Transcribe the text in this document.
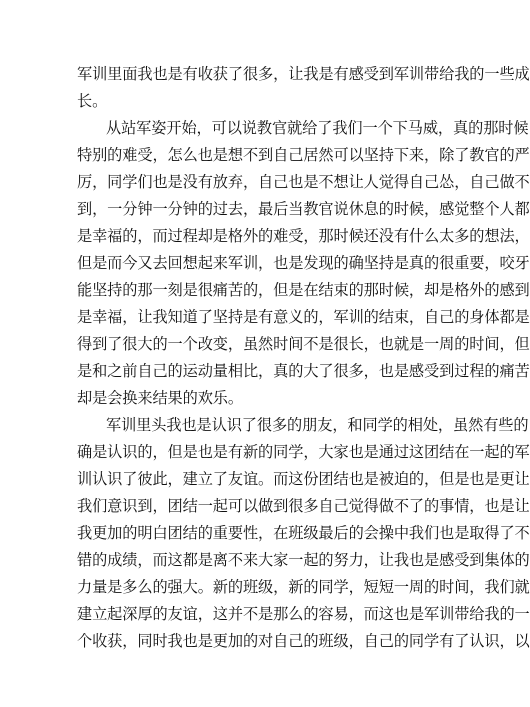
军训里面我也是有收获了很多，让我是有感受到军训带给我的一些成
长。
从站军姿开始，可以说教官就给了我们一个下马威，真的那时候
特别的难受，怎么也是想不到自己居然可以坚持下来，除了教官的严
厉，同学们也是没有放弃，自己也是不想让人觉得自己怂，自己做不
到，一分钟一分钟的过去，最后当教官说休息的时候，感觉整个人都
是幸福的，而过程却是格外的难受，那时候还没有什么太多的想法，
但是而今又去回想起来军训，也是发现的确坚持是真的很重要，咬牙
能坚持的那一刻是很痛苦的，但是在结束的那时候，却是格外的感到
是幸福，让我知道了坚持是有意义的，军训的结束，自己的身体都是
得到了很大的一个改变，虽然时间不是很长，也就是一周的时间，但
是和之前自己的运动量相比，真的大了很多，也是感受到过程的痛苦
却是会换来结果的欢乐。
军训里头我也是认识了很多的朋友，和同学的相处，虽然有些的
确是认识的，但是也是有新的同学，大家也是通过这团结在一起的军
训认识了彼此，建立了友谊。而这份团结也是被迫的，但是也是更让
我们意识到，团结一起可以做到很多自己觉得做不了的事情，也是让
我更加的明白团结的重要性，在班级最后的会操中我们也是取得了不
错的成绩，而这都是离不来大家一起的努力，让我也是感受到集体的
力量是多么的强大。新的班级，新的同学，短短一周的时间，我们就
建立起深厚的友谊，这并不是那么的容易，而这也是军训带给我的一
个收获，同时我也是更加的对自己的班级，自己的同学有了认识，以
